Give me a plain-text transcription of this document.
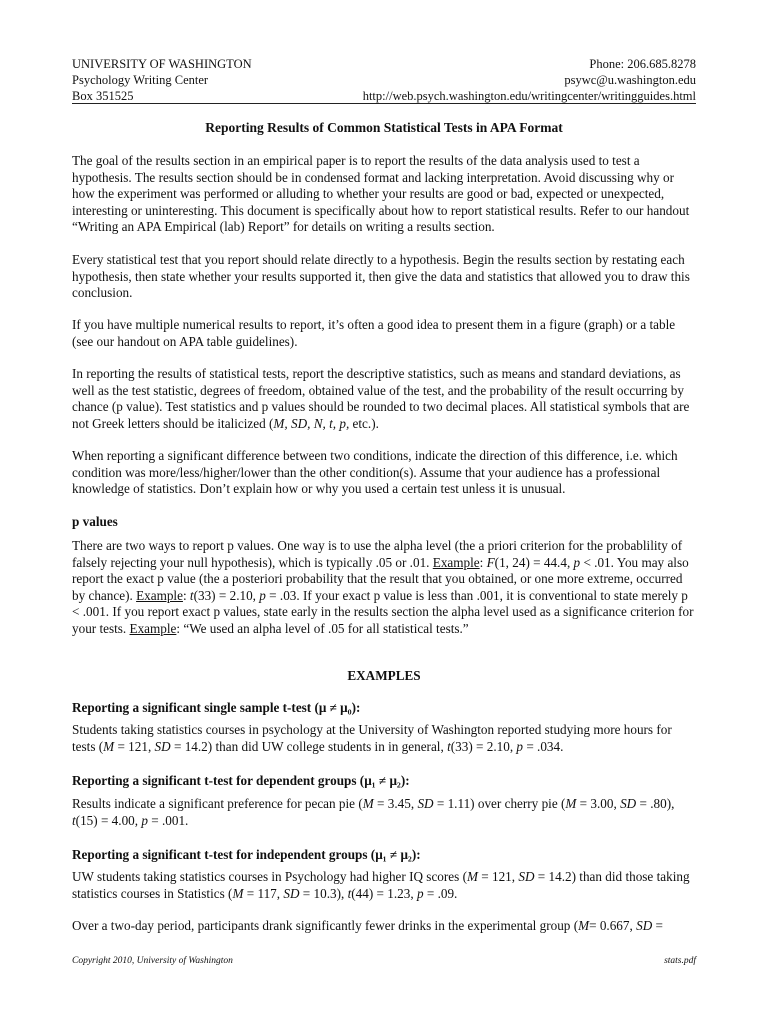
UNIVERSITY OF WASHINGTON	Phone: 206.685.8278
Psychology Writing Center	psywc@u.washington.edu
Box 351525	http://web.psych.washington.edu/writingcenter/writingguides.html
Reporting Results of Common Statistical Tests in APA Format

The goal of the results section in an empirical paper is to report the results of the data analysis used to test a hypothesis. The results section should be in condensed format and lacking interpretation. Avoid discussing why or how the experiment was performed or alluding to whether your results are good or bad, expected or unexpected, interesting or uninteresting. This document is specifically about how to report statistical results. Refer to our handout “Writing an APA Empirical (lab) Report” for details on writing a results section.

Every statistical test that you report should relate directly to a hypothesis. Begin the results section by restating each hypothesis, then state whether your results supported it, then give the data and statistics that allowed you to draw this conclusion.

If you have multiple numerical results to report, it’s often a good idea to present them in a figure (graph) or a table (see our handout on APA table guidelines).

In reporting the results of statistical tests, report the descriptive statistics, such as means and standard deviations, as well as the test statistic, degrees of freedom, obtained value of the test, and the probability of the result occurring by chance (p value). Test statistics and p values should be rounded to two decimal places. All statistical symbols that are not Greek letters should be italicized (M, SD, N, t, p, etc.).

When reporting a significant difference between two conditions, indicate the direction of this difference, i.e. which condition was more/less/higher/lower than the other condition(s). Assume that your audience has a professional knowledge of statistics. Don’t explain how or why you used a certain test unless it is unusual.

p values

There are two ways to report p values. One way is to use the alpha level (the a priori criterion for the probablility of falsely rejecting your null hypothesis), which is typically .05 or .01. Example: F(1, 24) = 44.4, p < .01. You may also report the exact p value (the a posteriori probability that the result that you obtained, or one more extreme, occurred by chance). Example: t(33) = 2.10, p = .03. If your exact p value is less than .001, it is conventional to state merely p < .001. If you report exact p values, state early in the results section the alpha level used as a significance criterion for your tests. Example: “We used an alpha level of .05 for all statistical tests.”

EXAMPLES
Reporting a significant single sample t-test (μ ≠ μ₀):

Students taking statistics courses in psychology at the University of Washington reported studying more hours for tests (M = 121, SD = 14.2) than did UW college students in in general, t(33) = 2.10, p = .034.

Reporting a significant t-test for dependent groups (μ₁ ≠ μ₂):

Results indicate a significant preference for pecan pie (M = 3.45, SD = 1.11) over cherry pie (M = 3.00, SD = .80), t(15) = 4.00, p = .001.

Reporting a significant t-test for independent groups (μ₁ ≠ μ₂):

UW students taking statistics courses in Psychology had higher IQ scores (M = 121, SD = 14.2) than did those taking statistics courses in Statistics (M = 117, SD = 10.3), t(44) = 1.23, p = .09.

Over a two-day period, participants drank significantly fewer drinks in the experimental group (M= 0.667, SD =

Copyright 2010, University of Washington	stats.pdf
